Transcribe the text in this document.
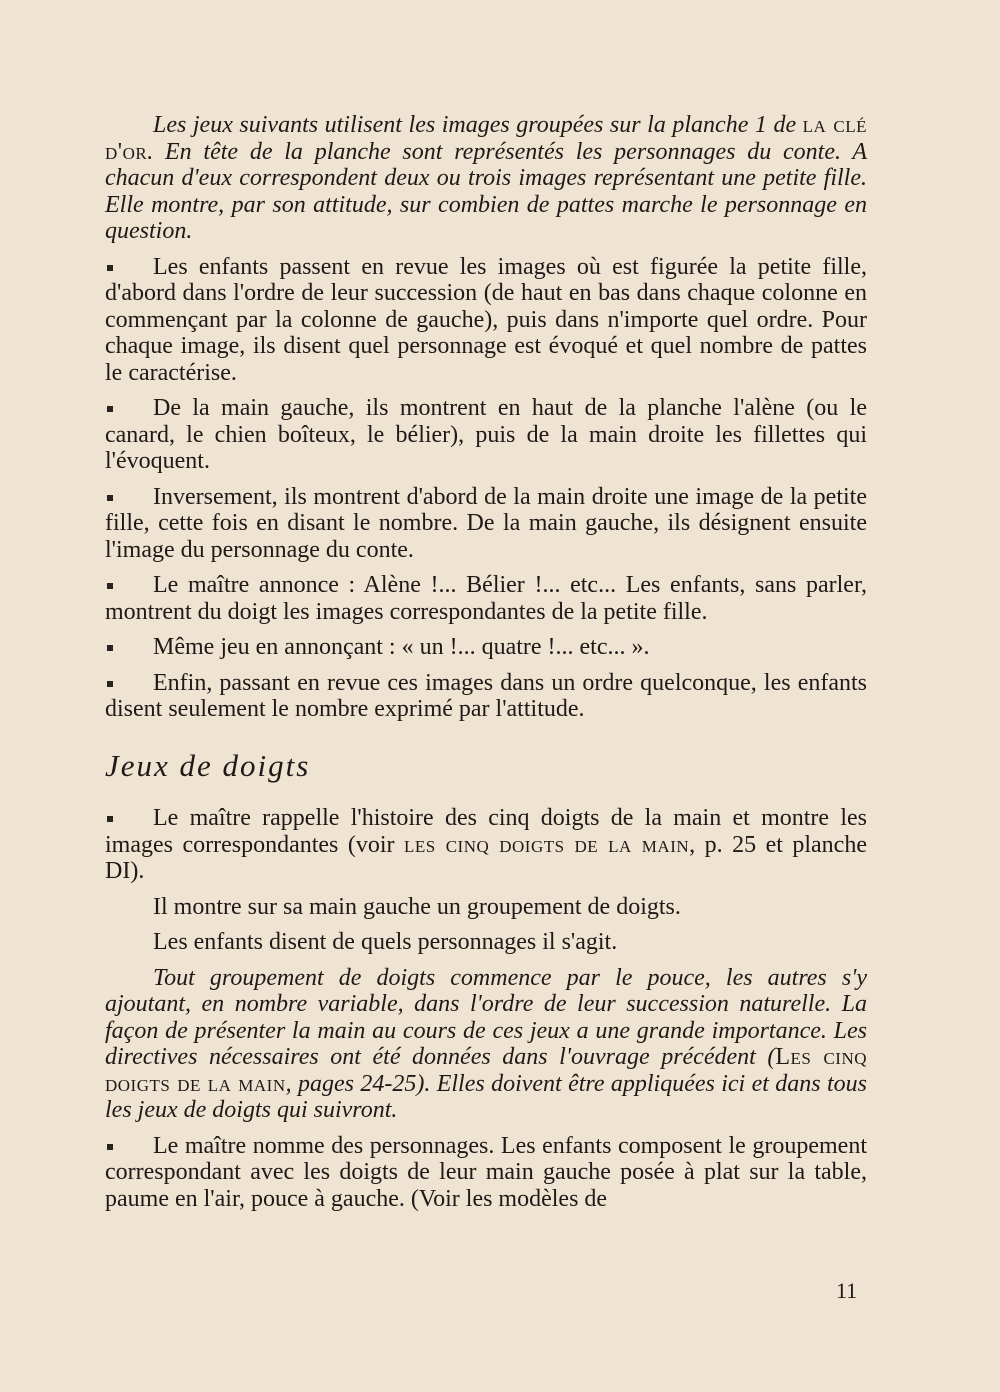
Les jeux suivants utilisent les images groupées sur la planche 1 de la clé d'or. En tête de la planche sont représentés les personnages du conte. A chacun d'eux correspondent deux ou trois images représentant une petite fille. Elle montre, par son attitude, sur combien de pattes marche le personnage en question.

Les enfants passent en revue les images où est figurée la petite fille, d'abord dans l'ordre de leur succession (de haut en bas dans chaque colonne en commençant par la colonne de gauche), puis dans n'importe quel ordre. Pour chaque image, ils disent quel personnage est évoqué et quel nombre de pattes le caractérise.

De la main gauche, ils montrent en haut de la planche l'alène (ou le canard, le chien boîteux, le bélier), puis de la main droite les fillettes qui l'évoquent.

Inversement, ils montrent d'abord de la main droite une image de la petite fille, cette fois en disant le nombre. De la main gauche, ils désignent ensuite l'image du personnage du conte.

Le maître annonce : Alène !... Bélier !... etc... Les enfants, sans parler, montrent du doigt les images correspondantes de la petite fille.

Même jeu en annonçant : « un !... quatre !... etc... ».

Enfin, passant en revue ces images dans un ordre quelconque, les enfants disent seulement le nombre exprimé par l'attitude.

Jeux de doigts

Le maître rappelle l'histoire des cinq doigts de la main et montre les images correspondantes (voir les cinq doigts de la main, p. 25 et planche DI).

Il montre sur sa main gauche un groupement de doigts.

Les enfants disent de quels personnages il s'agit.

Tout groupement de doigts commence par le pouce, les autres s'y ajoutant, en nombre variable, dans l'ordre de leur succession naturelle. La façon de présenter la main au cours de ces jeux a une grande importance. Les directives nécessaires ont été données dans l'ouvrage précédent (Les cinq doigts de la main, pages 24-25). Elles doivent être appliquées ici et dans tous les jeux de doigts qui suivront.

Le maître nomme des personnages. Les enfants composent le groupement correspondant avec les doigts de leur main gauche posée à plat sur la table, paume en l'air, pouce à gauche. (Voir les modèles de

11
